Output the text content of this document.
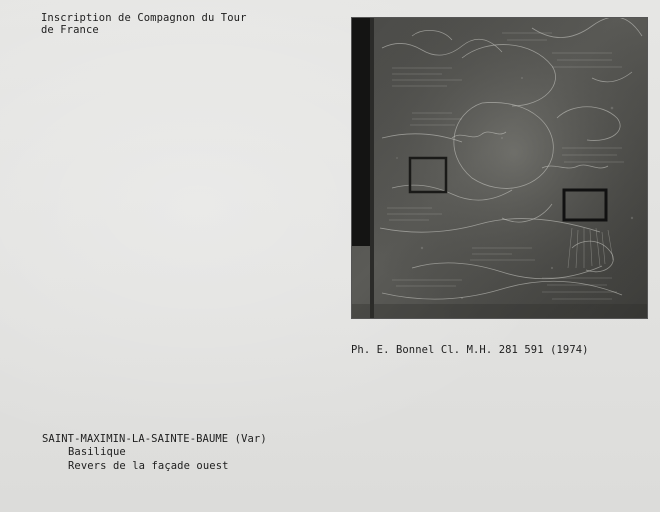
Inscription de Compagnon du Tour
de France
Ph. E. Bonnel Cl. M.H. 281 591 (1974)
SAINT-MAXIMIN-LA-SAINTE-BAUME (Var)
Basilique
Revers de la façade ouest
